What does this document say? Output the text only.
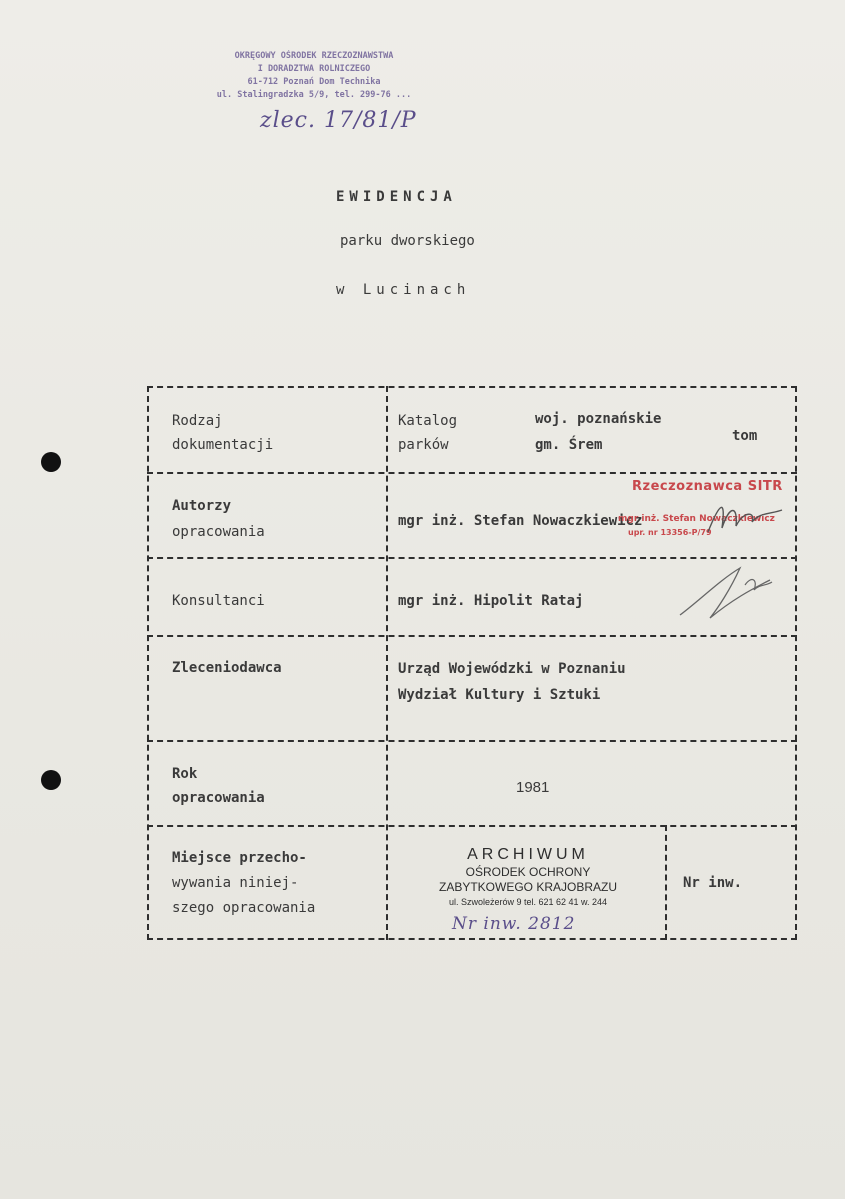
OKRĘGOWY OŚRODEK RZECZOZNAWSTWA
I DORADZTWA ROLNICZEGO
61-712 Poznań Dom Technika
ul. Stalingradzka 5/9, tel. 299-76 ...
zlec. 17/81/P
EWIDENCJA
parku dworskiego
w Lucinach
Rodzaj
dokumentacji
Katalog
parków
woj. poznańskie
gm. Śrem
tom
Autorzy
opracowania
mgr inż. Stefan Nowaczkiewicz
Konsultanci	mgr inż. Hipolit Rataj
Zleceniodawca	Urząd Wojewódzki w Poznaniu
Wydział Kultury i Sztuki
Rok
opracowania
1981
Miejsce przecho-
wywania niniej-
szego opracowania
Nr inw.
Rzeczoznawca SITR
mgr inż. Stefan Nowaczkiewicz
upr. nr 13356-P/79
ARCHIWUM
OŚRODEK OCHRONY
ZABYTKOWEGO KRAJOBRAZU
ul. Szwoleżerów 9 tel. 621 62 41 w. 244
Nr inw. 2812
